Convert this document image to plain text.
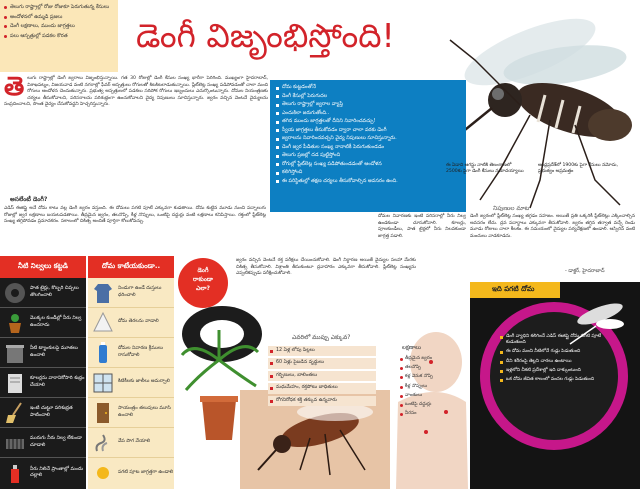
తెలుగు రాష్ట్రాల్లో రోజు రోజుకూ పెరుగుతున్న కేసులు
ఆందోళనలో ఉమ్మడి ప్రజలు
డెంగీ లక్షణాలు, ముందు జాగ్రత్తలు
పలు ఆస్పత్రుల్లో పడకల కొరత	డెంగీ విజృంభిస్తోంది!
తె లుగు రాష్ట్రాల్లో డెంగీ జ్వరాలు విజృంభిస్తున్నాయి. గత 30 రోజుల్లో డెంగీ కేసుల సంఖ్య భారీగా పెరిగింది. ముఖ్యంగా హైదరాబాద్, విశాఖపట్నం, విజయవాడ వంటి నగరాల్లో ఫీవర్ ఆస్పత్రులు రోగులతో కిటకిటలాడుతున్నాయి. ప్లేట్‌లెట్ల సంఖ్య పడిపోవడంతో చాలా మంది రోగులు ఆందోళన చెందుతున్నారు. ప్రభుత్వ ఆస్పత్రులలో పడకలు సరిపోక రోగులు ఇబ్బందులు ఎదుర్కొంటున్నారు. దోమల నియంత్రణకు చర్యలు తీసుకోవాలని, పరిసరాలను పరిశుభ్రంగా ఉంచుకోవాలని వైద్య నిపుణులు సూచిస్తున్నారు. జ్వరం వచ్చిన వెంటనే వైద్యులను సంప్రదించాలని, సొంత వైద్యం చేసుకోవద్దని హెచ్చరిస్తున్నారు.

దోమ కుట్టడంతోనే
డెంగీ కేసుల్లో పెరుగుదల
తెలుగు రాష్ట్రాల్లో జ్వరాల వ్యాప్తి
ఎందుకిలా జరుగుతోంది..
తగిన ముందు జాగ్రత్తలతో దీనిని నివారించవచ్చు!
స్వీయ జాగ్రత్తలు తీసుకోవడం ద్వారా చాలా వరకు డెంగీ
జ్వరాలను నివారించవచ్చని వైద్య నిపుణులు సూచిస్తున్నారు.
డెంగీ జ్వర పీడితుల సంఖ్య నానాటికీ పెరుగుతుండడం
తెలుగు ప్రజల్లో దడ పుట్టిస్తోంది
రోగుల్లో ప్లేట్‌లెట్ల సంఖ్య పడిపోతుండడంతో ఆందోళన
కలిగిస్తోంది
ఈ పరిస్థితుల్లో తక్షణ చర్యలు తీసుకోవాల్సిన అవసరం ఉంది.
అసలేంటీ డెంగీ?

ఎడిస్ ఈజిప్టై అనే దోమ కాటు వల్ల డెంగీ జ్వరం వస్తుంది. ఈ దోమలు పగటి పూటే ఎక్కువగా కుడతాయి. దోమ కుట్టిన మూడు నుంచి పద్నాలుగు రోజుల్లో జ్వర లక్షణాలు బయటపడతాయి. తీవ్రమైన జ్వరం, తలనొప్పి, కీళ్ల నొప్పులు, ఒంటిపై దద్దుర్లు వంటి లక్షణాలు కనిపిస్తాయి. రక్తంలో ప్లేట్‌లెట్ల సంఖ్య తగ్గిపోవడం ప్రమాదకరం. సకాలంలో చికిత్స అందితే పూర్తిగా కోలుకోవచ్చు.

ఈ ఏడాది ఆగస్టు నాటికి తెలంగాణలో 2500కు పైగా డెంగీ కేసులు నమోదయ్యాయి
ఆంధ్రప్రదేశ్‌లో 1900కు పైగా కేసులు నమోదు, ప్రభుత్వం అప్రమత్తం
నిపుణుల మాట

డెంగీ జ్వరంలో ప్లేట్‌లెట్ల సంఖ్య తగ్గడం సహజం. అయితే ప్రతి ఒక్కరికీ ప్లేట్‌లెట్లు ఎక్కించాల్సిన అవసరం లేదు. ద్రవ పదార్థాలు ఎక్కువగా తీసుకోవాలి. జ్వరం తగ్గిన తర్వాత వచ్చే రెండు మూడు రోజులు చాలా కీలకం. ఈ సమయంలో వైద్యుల పర్యవేక్షణలో ఉండాలి. ఆస్పిరిన్ వంటి మందులు వాడకూడదు.

- డాక్టర్, హైదరాబాద్
నీటి నిల్వలు కట్టడి
పాత టైర్లు, కొబ్బరి చిప్పలు తొలగించాలి
మొక్కల కుండీల్లో నీరు నిల్వ ఉంచరాదు
నీటి ట్యాంకులపై మూతలు ఉంచాలి
కూలర్లను వారానికోసారి శుభ్రం చేయాలి
ఇంటి చుట్టూ పరిశుభ్రత పాటించాలి
మురుగు నీరు నిల్వ లేకుండా చూడాలి
నీరు నిలిచే ప్రాంతాల్లో మందు చల్లాలి
దోమ కాటేయకుండా..
నిండుగా ఉండే దుస్తులు ధరించాలి
దోమ తెరలను వాడాలి
దోమల నివారణ క్రీములు రాసుకోవాలి
కిటికీలకు జాలీలు అమర్చాలి
సాయంత్రం తలుపులు మూసి ఉంచాలి
వేప పొగ వేయాలి
పగటి పూట జాగ్రత్తగా ఉండాలి
డెంగీ
రాకుండా
ఎలా?

జ్వరం వచ్చిన వెంటనే రక్త పరీక్షలు చేయించుకోవాలి. డెంగీ నిర్ధారణ అయితే వైద్యుల సలహా మేరకు చికిత్స తీసుకోవాలి. విశ్రాంతి తీసుకుంటూ ద్రవాహారం ఎక్కువగా తీసుకోవాలి. ప్లేట్‌లెట్ల సంఖ్యను ఎప్పటికప్పుడు పరీక్షించుకోవాలి.

ఎవరిలో ముప్పు ఎక్కువ?
12 ఏళ్ల లోపు పిల్లలు
60 ఏళ్లు పైబడిన వృద్ధులు
గర్భిణులు, బాలింతలు
మధుమేహం, రక్తపోటు బాధితులు
రోగనిరోధక శక్తి తక్కువ ఉన్నవారు
లక్షణాలు
తీవ్రమైన జ్వరం
తలనొప్పి
కళ్ల వెనుక నొప్పి
కీళ్ల నొప్పులు
వాంతులు
ఒంటిపై దద్దుర్లు
నీరసం
ఇది పగటి దోమ
డెంగీ వ్యాధిని కలిగించే ఎడిస్ ఈజిప్టై దోమ పగటి పూటే కుడుతుంది
ఈ దోమ మంచి నీటిలోనే గుడ్లు పెడుతుంది
దీని శరీరంపై తెల్లని చారలు ఉంటాయి
ఇళ్లలోని చీకటి ప్రదేశాల్లో ఇది దాక్కుంటుంది
ఒక దోమ జీవిత కాలంలో వందల గుడ్లు పెడుతుంది

దోమల నివారణకు ఇంటి పరిసరాల్లో నీరు నిల్వ ఉండకుండా చూసుకోవాలి. కూలర్లు, పూలకుండీలు, పాత టైర్లలో నీరు నిలవకుండా జాగ్రత్త పడాలి.
